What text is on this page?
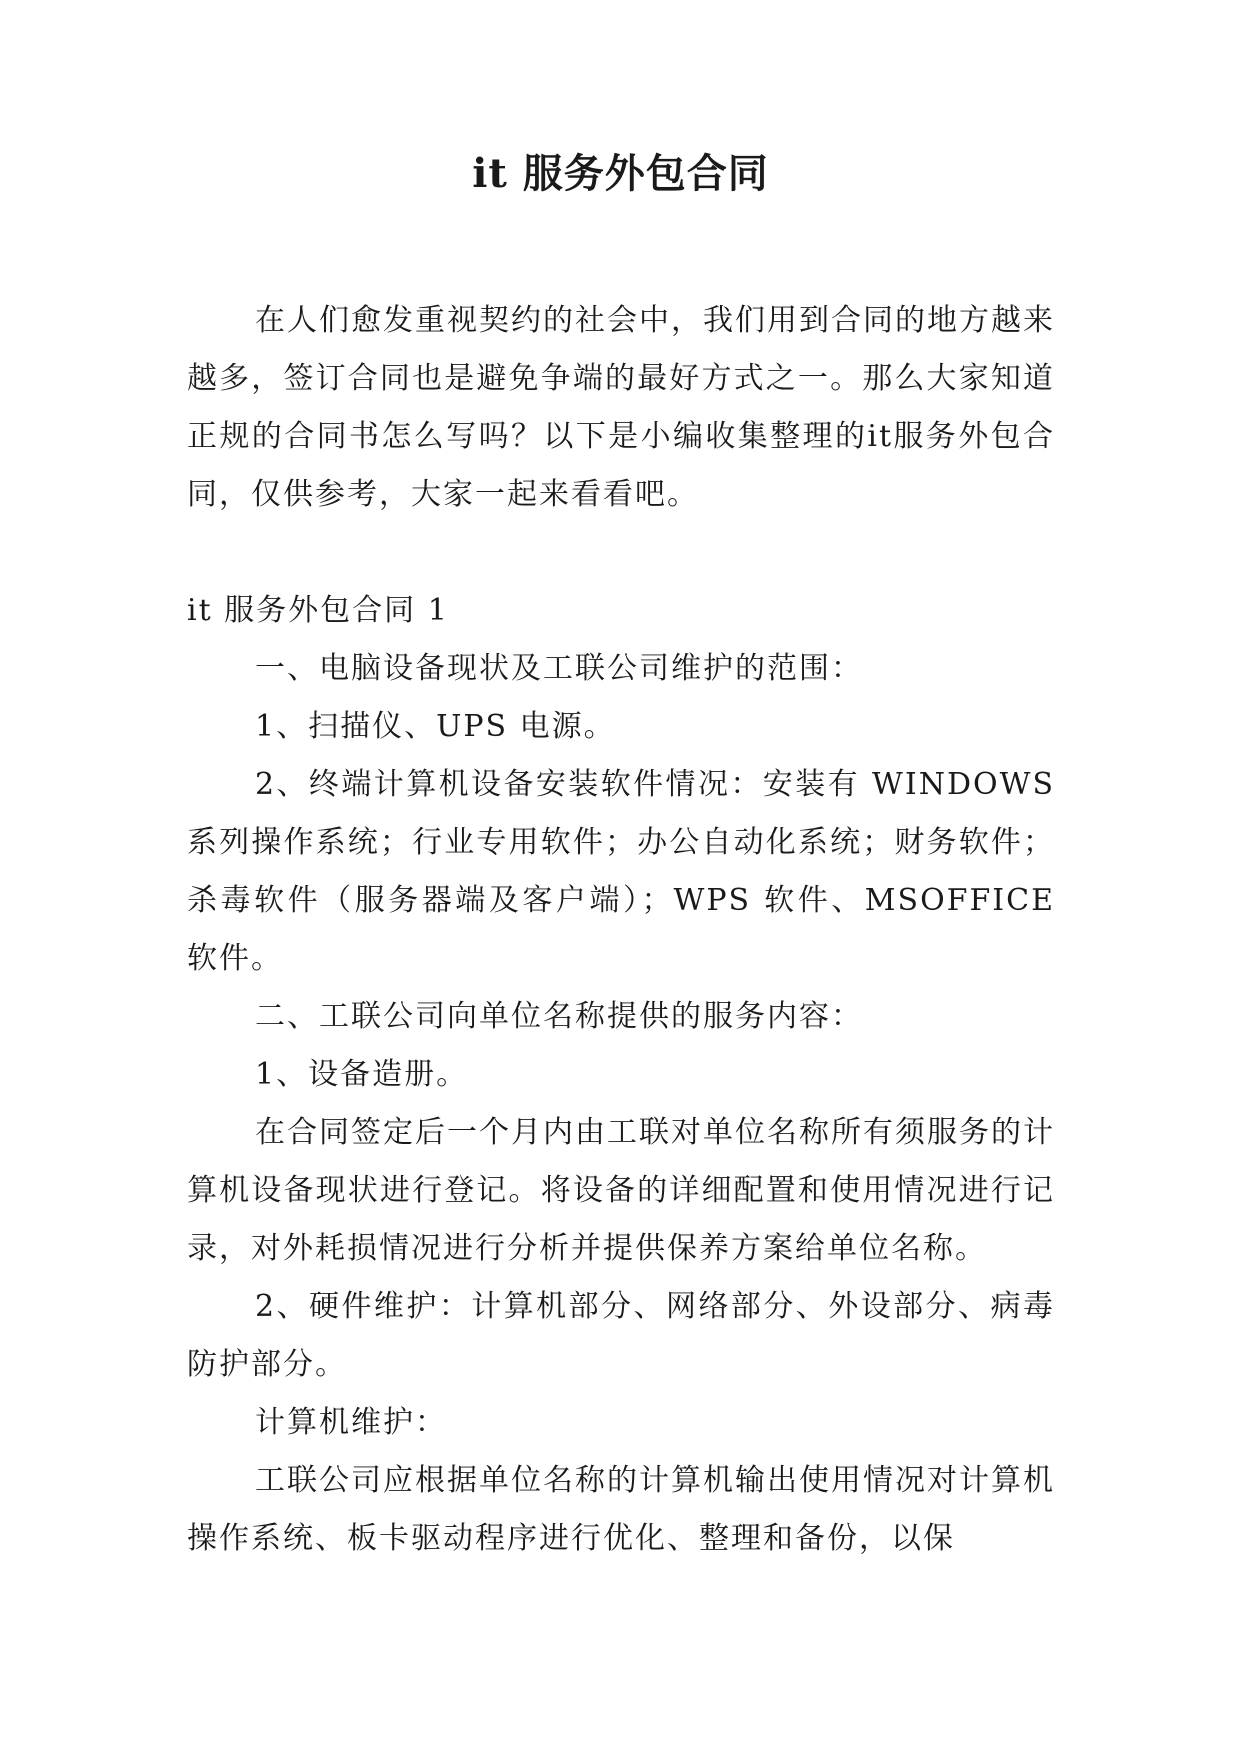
it 服务外包合同

在人们愈发重视契约的社会中，我们用到合同的地方越来越多，签订合同也是避免争端的最好方式之一。那么大家知道正规的合同书怎么写吗？以下是小编收集整理的it服务外包合同，仅供参考，大家一起来看看吧。

it 服务外包合同 1

一、电脑设备现状及工联公司维护的范围：

1、扫描仪、UPS 电源。

2、终端计算机设备安装软件情况：安装有 WINDOWS 系列操作系统；行业专用软件；办公自动化系统；财务软件；杀毒软件（服务器端及客户端）；WPS 软件、MSOFFICE 软件。

二、工联公司向单位名称提供的服务内容：

1、设备造册。

在合同签定后一个月内由工联对单位名称所有须服务的计算机设备现状进行登记。将设备的详细配置和使用情况进行记录，对外耗损情况进行分析并提供保养方案给单位名称。

2、硬件维护：计算机部分、网络部分、外设部分、病毒防护部分。

计算机维护：

工联公司应根据单位名称的计算机输出使用情况对计算机操作系统、板卡驱动程序进行优化、整理和备份，以保
